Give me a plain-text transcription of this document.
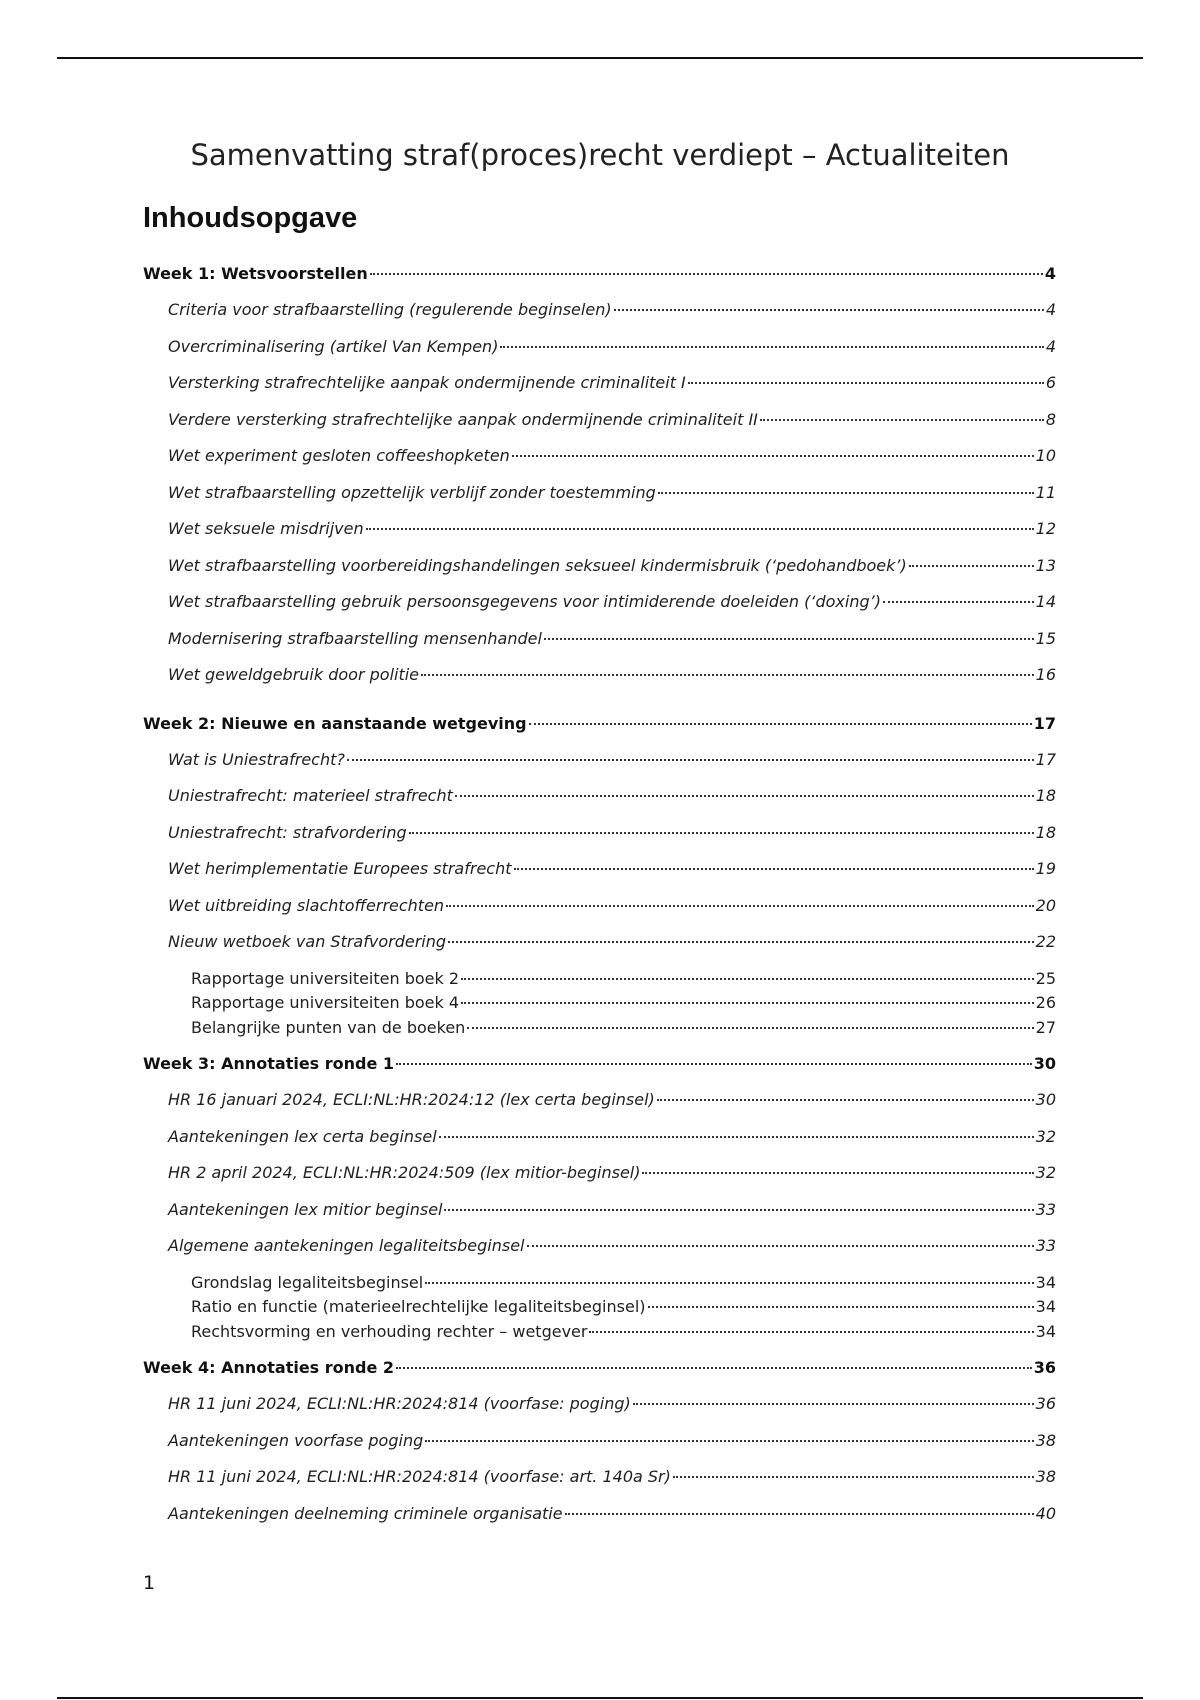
Samenvatting straf(proces)recht verdiept – Actualiteiten
Inhoudsopgave
Week 1: Wetsvoorstellen	4
Criteria voor strafbaarstelling (regulerende beginselen)	4
Overcriminalisering (artikel Van Kempen)	4
Versterking strafrechtelijke aanpak ondermijnende criminaliteit I	6
Verdere versterking strafrechtelijke aanpak ondermijnende criminaliteit II	8
Wet experiment gesloten coffeeshopketen	10
Wet strafbaarstelling opzettelijk verblijf zonder toestemming	11
Wet seksuele misdrijven	12
Wet strafbaarstelling voorbereidingshandelingen seksueel kindermisbruik (‘pedohandboek’)	13
Wet strafbaarstelling gebruik persoonsgegevens voor intimiderende doeleiden (‘doxing’)	14
Modernisering strafbaarstelling mensenhandel	15
Wet geweldgebruik door politie	16
Week 2: Nieuwe en aanstaande wetgeving	17
Wat is Uniestrafrecht?	17
Uniestrafrecht: materieel strafrecht	18
Uniestrafrecht: strafvordering	18
Wet herimplementatie Europees strafrecht	19
Wet uitbreiding slachtofferrechten	20
Nieuw wetboek van Strafvordering	22
Rapportage universiteiten boek 2	25
Rapportage universiteiten boek 4	26
Belangrijke punten van de boeken	27
Week 3: Annotaties ronde 1	30
HR 16 januari 2024, ECLI:NL:HR:2024:12 (lex certa beginsel)	30
Aantekeningen lex certa beginsel	32
HR 2 april 2024, ECLI:NL:HR:2024:509 (lex mitior-beginsel)	32
Aantekeningen lex mitior beginsel	33
Algemene aantekeningen legaliteitsbeginsel	33
Grondslag legaliteitsbeginsel	34
Ratio en functie (materieelrechtelijke legaliteitsbeginsel)	34
Rechtsvorming en verhouding rechter – wetgever	34
Week 4: Annotaties ronde 2	36
HR 11 juni 2024, ECLI:NL:HR:2024:814 (voorfase: poging)	36
Aantekeningen voorfase poging	38
HR 11 juni 2024, ECLI:NL:HR:2024:814 (voorfase: art. 140a Sr)	38
Aantekeningen deelneming criminele organisatie	40
1
